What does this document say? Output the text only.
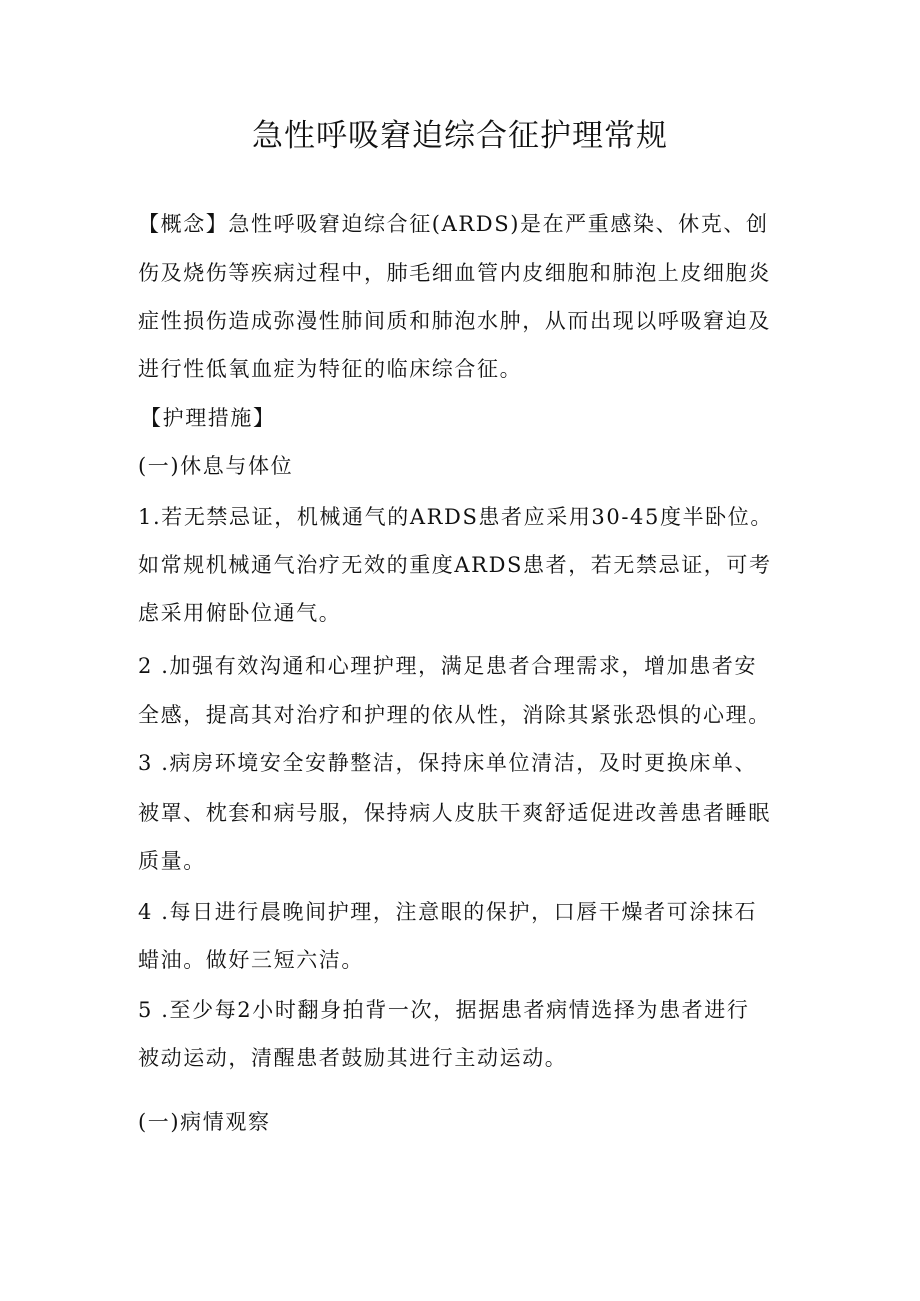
急性呼吸窘迫综合征护理常规
【概念】急性呼吸窘迫综合征(ARDS)是在严重感染、休克、创
伤及烧伤等疾病过程中，肺毛细血管内皮细胞和肺泡上皮细胞炎
症性损伤造成弥漫性肺间质和肺泡水肿，从而出现以呼吸窘迫及
进行性低氧血症为特征的临床综合征。
【护理措施】
(一)休息与体位
1.若无禁忌证，机械通气的ARDS患者应采用30-45度半卧位。
如常规机械通气治疗无效的重度ARDS患者，若无禁忌证，可考
虑采用俯卧位通气。
2 .加强有效沟通和心理护理，满足患者合理需求，增加患者安
全感，提高其对治疗和护理的依从性，消除其紧张恐惧的心理。
3 .病房环境安全安静整洁，保持床单位清洁，及时更换床单、
被罩、枕套和病号服，保持病人皮肤干爽舒适促进改善患者睡眠
质量。
4 .每日进行晨晚间护理，注意眼的保护，口唇干燥者可涂抹石
蜡油。做好三短六洁。
5 .至少每2小时翻身拍背一次，据据患者病情选择为患者进行
被动运动，清醒患者鼓励其进行主动运动。
(一)病情观察
